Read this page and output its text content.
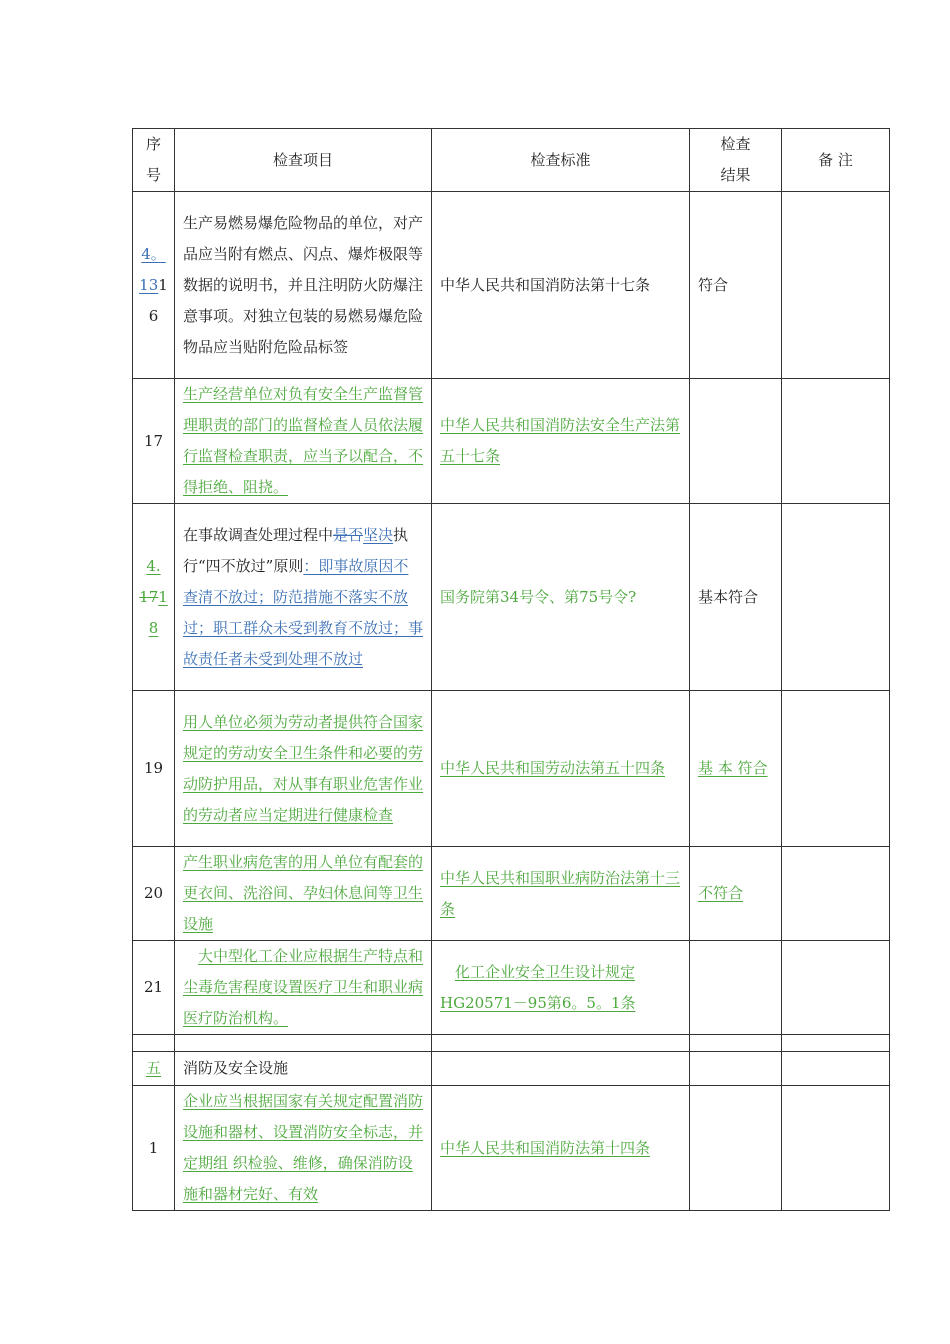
序
号	检查项目	检查标准	检查
结果	备 注

4。
131
6	生产易燃易爆危险物品的单位，对产品应当附有燃点、闪点、爆炸极限等数据的说明书，并且注明防火防爆注意事项。对独立包装的易燃易爆危险物品应当贴附危险品标签	中华人民共和国消防法第十七条	符合	
17	生产经营单位对负有安全生产监督管理职责的部门的监督检查人员依法履行监督检查职责，应当予以配合，不得拒绝、阻挠。	中华人民共和国消防法安全生产法第五十七条		

4.
171
8	在事故调查处理过程中是否坚决执行“四不放过”原则：即事故原因不查清不放过；防范措施不落实不放过；职工群众未受到教育不放过；事故责任者未受到处理不放过	国务院第34号令、第75号令?	基本符合	
19	用人单位必须为劳动者提供符合国家规定的劳动安全卫生条件和必要的劳动防护用品，对从事有职业危害作业的劳动者应当定期进行健康检查	中华人民共和国劳动法第五十四条	基 本 符合	
20	产生职业病危害的用人单位有配套的更衣间、洗浴间、孕妇休息间等卫生设施	中华人民共和国职业病防治法第十三条	不符合	
21	大中型化工企业应根据生产特点和尘毒危害程度设置医疗卫生和职业病医疗防治机构。	化工企业安全卫生设计规定HG20571－95第6。5。1条		

五	消防及安全设施			
1	企业应当根据国家有关规定配置消防设施和器材、设置消防安全标志，并定期组 织检验、维修，确保消防设施和器材完好、有效	中华人民共和国消防法第十四条		
